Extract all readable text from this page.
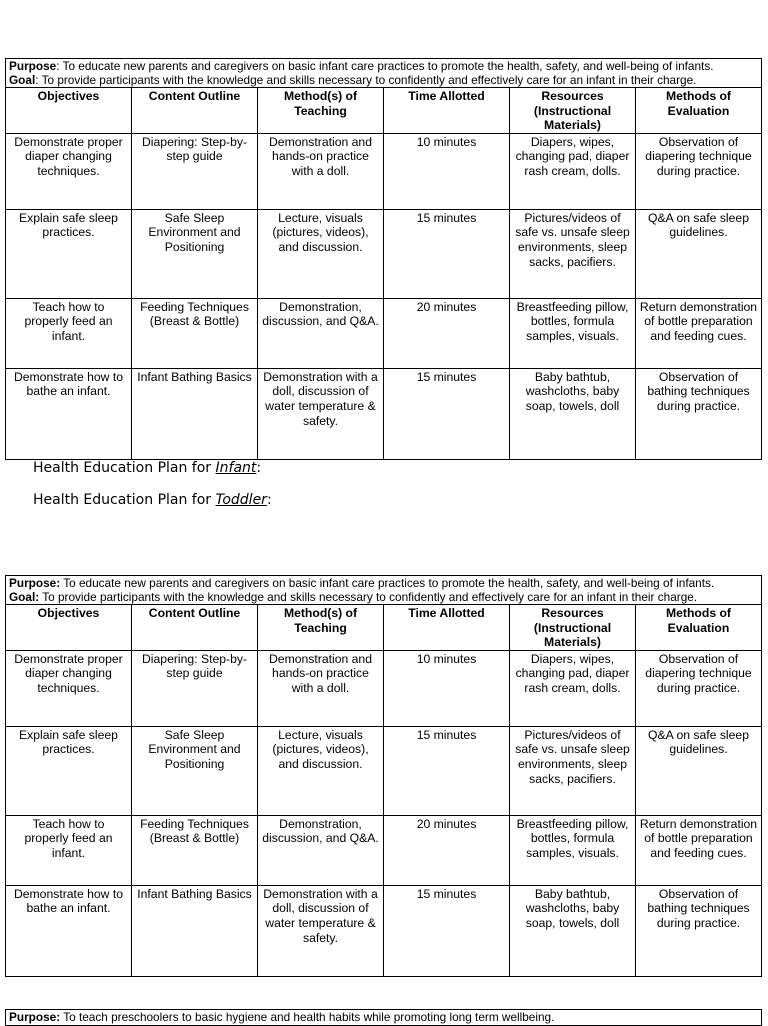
Purpose: To educate new parents and caregivers on basic infant care practices to promote the health, safety, and well-being of infants.
Goal: To provide participants with the knowledge and skills necessary to confidently and effectively care for an infant in their charge.					

Objectives	Content Outline	Method(s) of Teaching	Time Allotted	Resources (Instructional Materials)	Methods of Evaluation
Demonstrate proper diaper changing techniques.	Diapering: Step-by-step guide	Demonstration and hands-on practice with a doll.	10 minutes	Diapers, wipes, changing pad, diaper rash cream, dolls.	Observation of diapering technique during practice.
Explain safe sleep practices.	Safe Sleep Environment and Positioning	Lecture, visuals (pictures, videos), and discussion.	15 minutes	Pictures/videos of safe vs. unsafe sleep environments, sleep sacks, pacifiers.	Q&A on safe sleep guidelines.
Teach how to properly feed an infant.	Feeding Techniques (Breast & Bottle)	Demonstration, discussion, and Q&A.	20 minutes	Breastfeeding pillow, bottles, formula samples, visuals.	Return demonstration of bottle preparation and feeding cues.
Demonstrate how to bathe an infant.	Infant Bathing Basics	Demonstration with a doll, discussion of water temperature & safety.	15 minutes	Baby bathtub, washcloths, baby soap, towels, doll	Observation of bathing techniques during practice.
Health Education Plan for Infant:
Health Education Plan for Toddler:
Purpose: To educate new parents and caregivers on basic infant care practices to promote the health, safety, and well-being of infants.
Goal: To provide participants with the knowledge and skills necessary to confidently and effectively care for an infant in their charge.					

Objectives	Content Outline	Method(s) of Teaching	Time Allotted	Resources (Instructional Materials)	Methods of Evaluation
Demonstrate proper diaper changing techniques.	Diapering: Step-by-step guide	Demonstration and hands-on practice with a doll.	10 minutes	Diapers, wipes, changing pad, diaper rash cream, dolls.	Observation of diapering technique during practice.
Explain safe sleep practices.	Safe Sleep Environment and Positioning	Lecture, visuals (pictures, videos), and discussion.	15 minutes	Pictures/videos of safe vs. unsafe sleep environments, sleep sacks, pacifiers.	Q&A on safe sleep guidelines.
Teach how to properly feed an infant.	Feeding Techniques (Breast & Bottle)	Demonstration, discussion, and Q&A.	20 minutes	Breastfeeding pillow, bottles, formula samples, visuals.	Return demonstration of bottle preparation and feeding cues.
Demonstrate how to bathe an infant.	Infant Bathing Basics	Demonstration with a doll, discussion of water temperature & safety.	15 minutes	Baby bathtub, washcloths, baby soap, towels, doll	Observation of bathing techniques during practice.
Purpose: To teach preschoolers to basic hygiene and health habits while promoting long term wellbeing.
